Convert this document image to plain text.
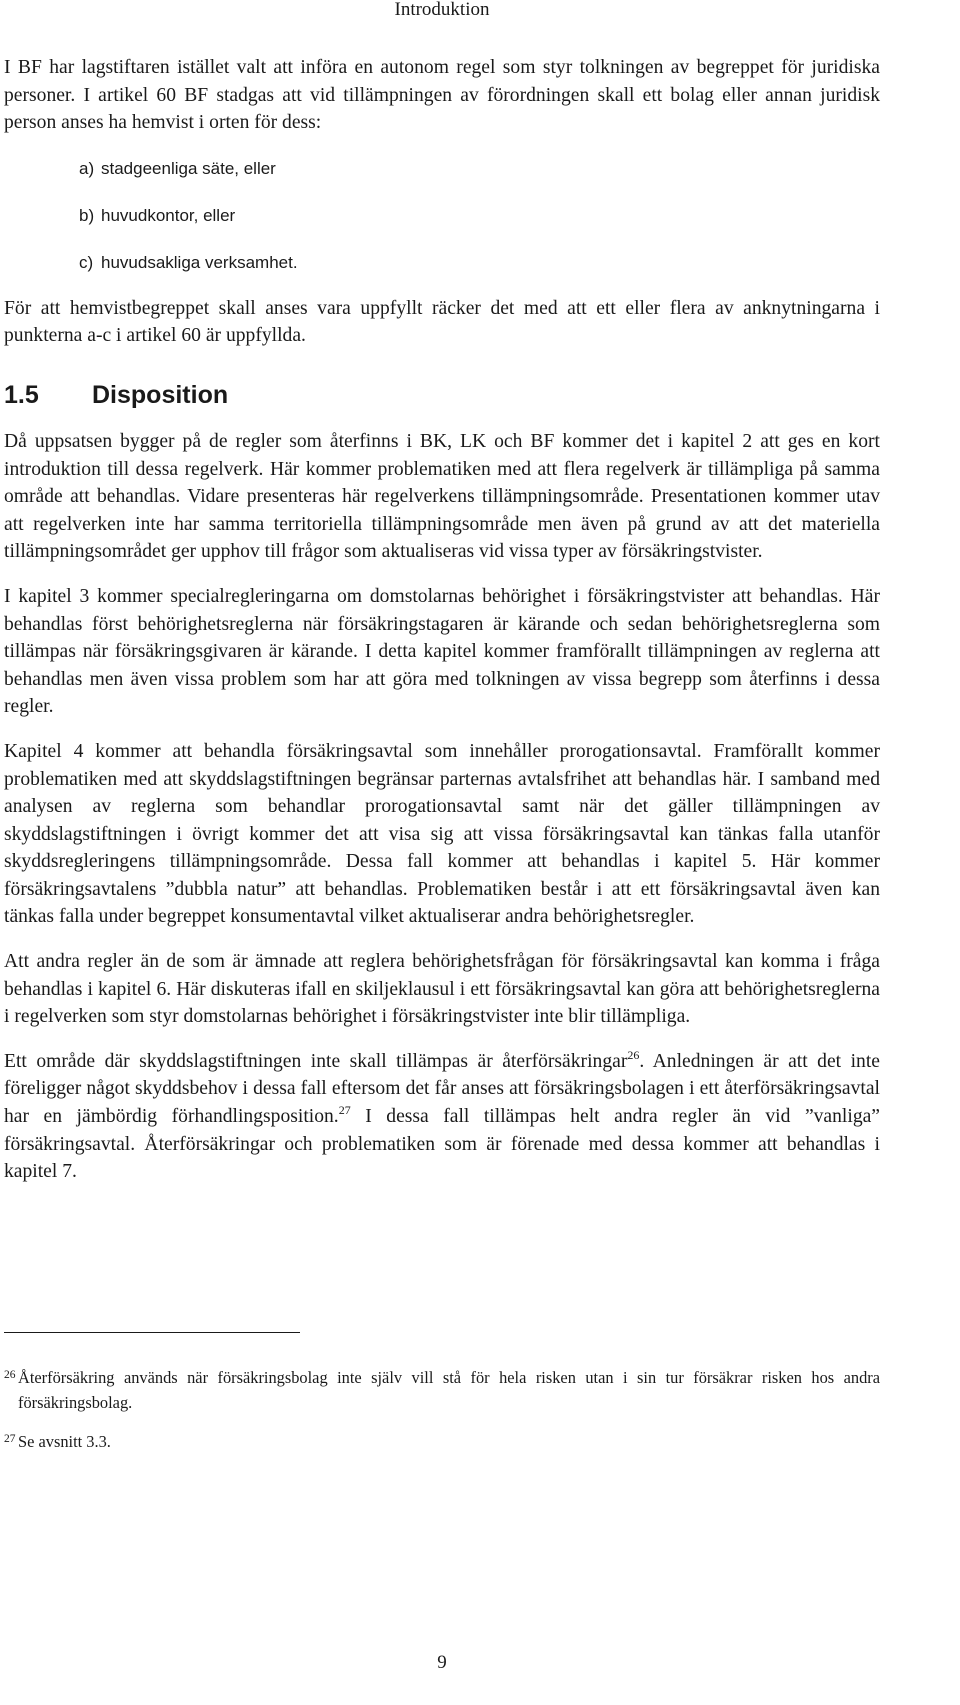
Introduktion

I BF har lagstiftaren istället valt att införa en autonom regel som styr tolkningen av begreppet för juridiska personer. I artikel 60 BF stadgas att vid tillämpningen av förordningen skall ett bolag eller annan juridisk person anses ha hemvist i orten för dess:

a) stadgeenliga säte, eller
b) huvudkontor, eller
c) huvudsakliga verksamhet.

För att hemvistbegreppet skall anses vara uppfyllt räcker det med att ett eller flera av anknytningarna i punkterna a-c i artikel 60 är uppfyllda.

1.5	Disposition

Då uppsatsen bygger på de regler som återfinns i BK, LK och BF kommer det i kapitel 2 att ges en kort introduktion till dessa regelverk. Här kommer problematiken med att flera regelverk är tillämpliga på samma område att behandlas. Vidare presenteras här regelverkens tillämpningsområde. Presentationen kommer utav att regelverken inte har samma territoriella tillämpningsområde men även på grund av att det materiella tillämpningsområdet ger upphov till frågor som aktualiseras vid vissa typer av försäkringstvister.

I kapitel 3 kommer specialregleringarna om domstolarnas behörighet i försäkringstvister att behandlas. Här behandlas först behörighetsreglerna när försäkringstagaren är kärande och sedan behörighetsreglerna som tillämpas när försäkringsgivaren är kärande. I detta kapitel kommer framförallt tillämpningen av reglerna att behandlas men även vissa problem som har att göra med tolkningen av vissa begrepp som återfinns i dessa regler.

Kapitel 4 kommer att behandla försäkringsavtal som innehåller prorogationsavtal. Framförallt kommer problematiken med att skyddslagstiftningen begränsar parternas avtalsfrihet att behandlas här. I samband med analysen av reglerna som behandlar prorogationsavtal samt när det gäller tillämpningen av skyddslagstiftningen i övrigt kommer det att visa sig att vissa försäkringsavtal kan tänkas falla utanför skyddsregleringens tillämpningsområde. Dessa fall kommer att behandlas i kapitel 5. Här kommer försäkringsavtalens ”dubbla natur” att behandlas. Problematiken består i att ett försäkringsavtal även kan tänkas falla under begreppet konsumentavtal vilket aktualiserar andra behörighetsregler.

Att andra regler än de som är ämnade att reglera behörighetsfrågan för försäkringsavtal kan komma i fråga behandlas i kapitel 6. Här diskuteras ifall en skiljeklausul i ett försäkringsavtal kan göra att behörighetsreglerna i regelverken som styr domstolarnas behörighet i försäkringstvister inte blir tillämpliga.

Ett område där skyddslagstiftningen inte skall tillämpas är återförsäkringar$^{26}$. Anledningen är att det inte föreligger något skyddsbehov i dessa fall eftersom det får anses att försäkringsbolagen i ett återförsäkringsavtal har en jämbördig förhandlingsposition.$^{27}$ I dessa fall tillämpas helt andra regler än vid ”vanliga” försäkringsavtal. Återförsäkringar och problematiken som är förenade med dessa kommer att behandlas i kapitel 7.

26 Återförsäkring används när försäkringsbolag inte själv vill stå för hela risken utan i sin tur försäkrar risken hos andra försäkringsbolag.
27 Se avsnitt 3.3.
9
